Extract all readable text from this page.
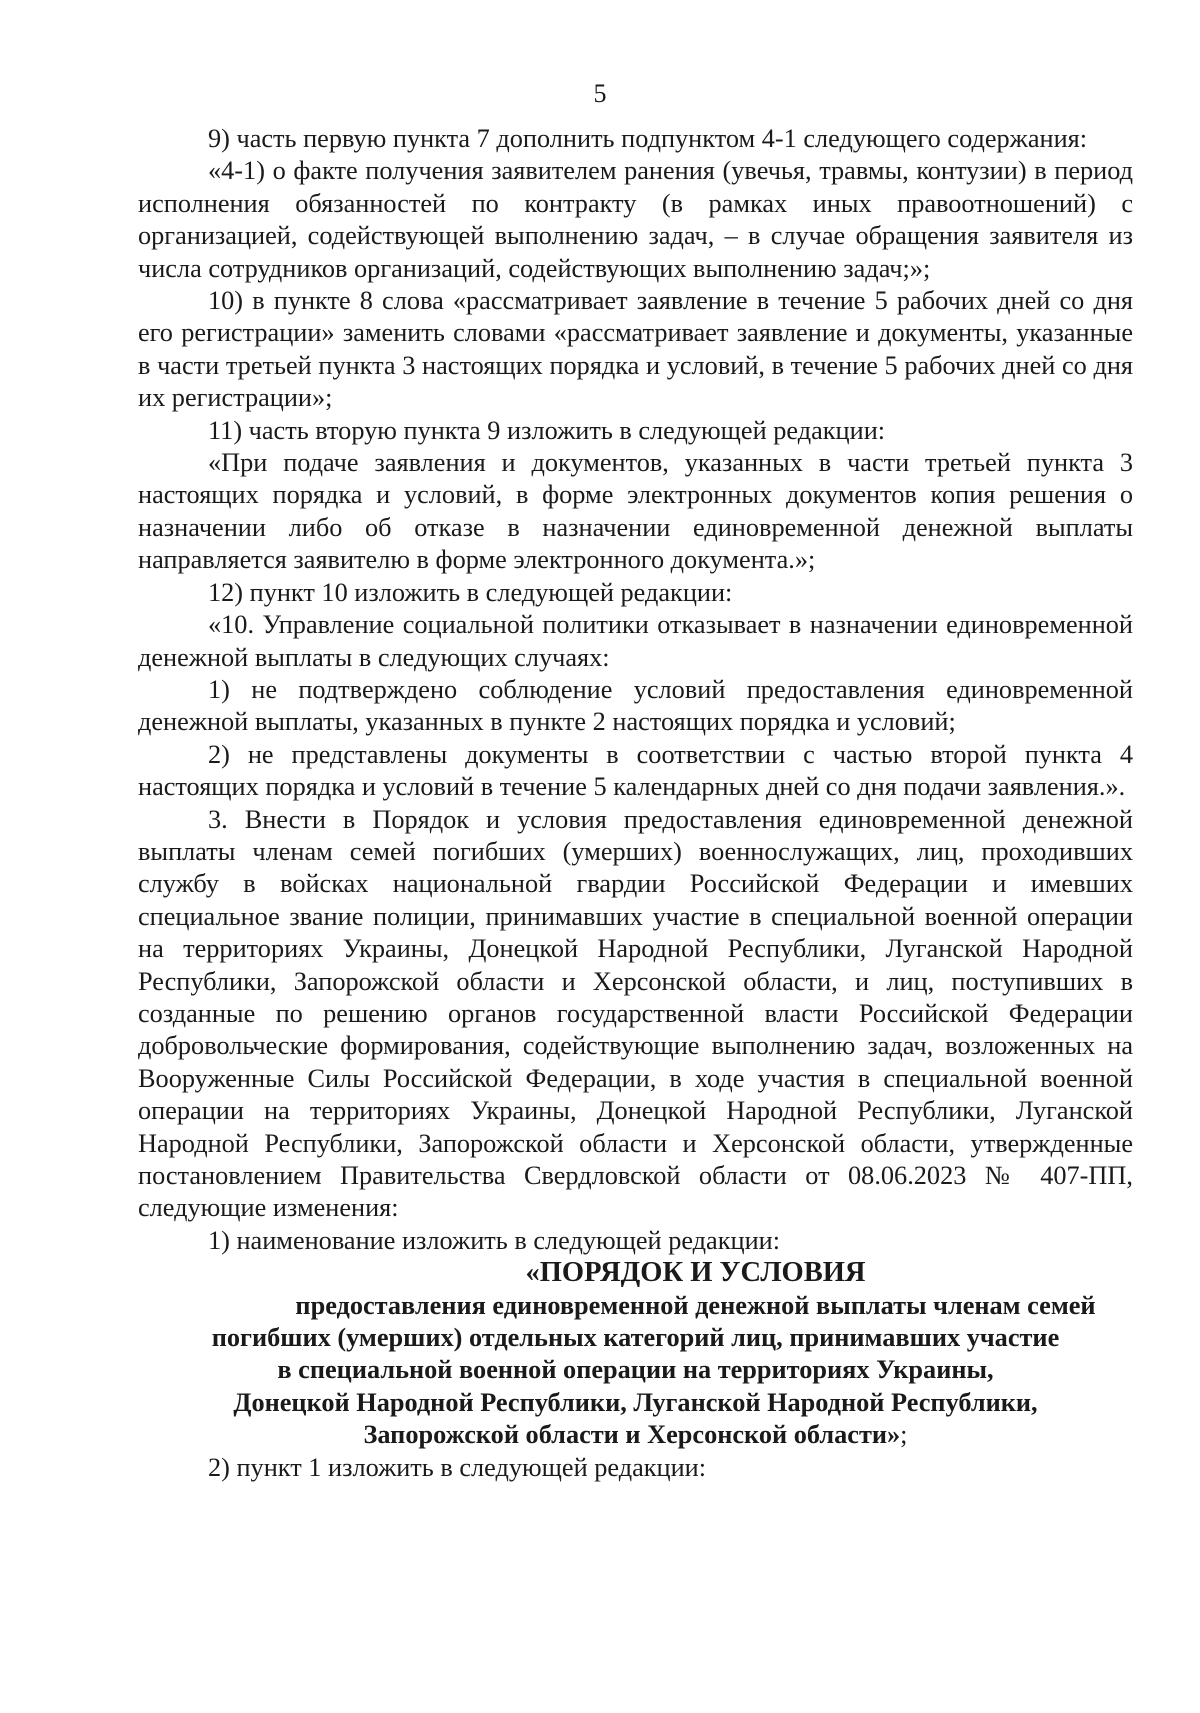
5

9) часть первую пункта 7 дополнить подпунктом 4-1 следующего содержания:

«4-1) о факте получения заявителем ранения (увечья, травмы, контузии) в период исполнения обязанностей по контракту (в рамках иных правоотношений) с организацией, содействующей выполнению задач, – в случае обращения заявителя из числа сотрудников организаций, содействующих выполнению задач;»;

10) в пункте 8 слова «рассматривает заявление в течение 5 рабочих дней со дня его регистрации» заменить словами «рассматривает заявление и документы, указанные в части третьей пункта 3 настоящих порядка и условий, в течение 5 рабочих дней со дня их регистрации»;

11) часть вторую пункта 9 изложить в следующей редакции:

«При подаче заявления и документов, указанных в части третьей пункта 3 настоящих порядка и условий, в форме электронных документов копия решения о назначении либо об отказе в назначении единовременной денежной выплаты направляется заявителю в форме электронного документа.»;

12) пункт 10 изложить в следующей редакции:

«10. Управление социальной политики отказывает в назначении единовременной денежной выплаты в следующих случаях:

1) не подтверждено соблюдение условий предоставления единовременной денежной выплаты, указанных в пункте 2 настоящих порядка и условий;

2) не представлены документы в соответствии с частью второй пункта 4 настоящих порядка и условий в течение 5 календарных дней со дня подачи заявления.».

3. Внести в Порядок и условия предоставления единовременной денежной выплаты членам семей погибших (умерших) военнослужащих, лиц, проходивших службу в войсках национальной гвардии Российской Федерации и имевших специальное звание полиции, принимавших участие в специальной военной операции на территориях Украины, Донецкой Народной Республики, Луганской Народной Республики, Запорожской области и Херсонской области, и лиц, поступивших в созданные по решению органов государственной власти Российской Федерации добровольческие формирования, содействующие выполнению задач, возложенных на Вооруженные Силы Российской Федерации, в ходе участия в специальной военной операции на территориях Украины, Донецкой Народной Республики, Луганской Народной Республики, Запорожской области и Херсонской области, утвержденные постановлением Правительства Свердловской области от 08.06.2023 № 407-ПП, следующие изменения:

1) наименование изложить в следующей редакции:

«ПОРЯДОК И УСЛОВИЯ
предоставления единовременной денежной выплаты членам семей
погибших (умерших) отдельных категорий лиц, принимавших участие
в специальной военной операции на территориях Украины,
Донецкой Народной Республики, Луганской Народной Республики,
Запорожской области и Херсонской области»;

2) пункт 1 изложить в следующей редакции:
